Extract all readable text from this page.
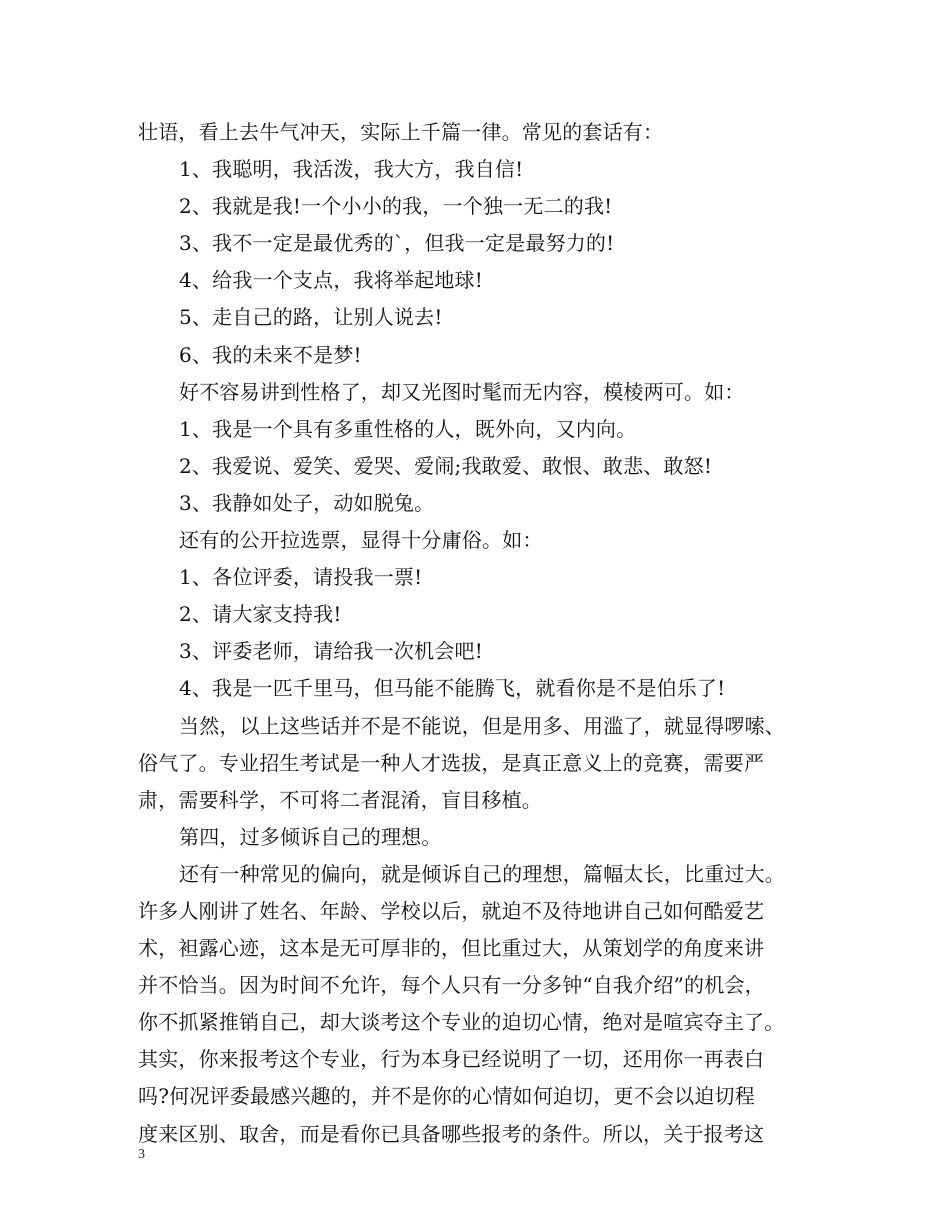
壮语，看上去牛气冲天，实际上千篇一律。常见的套话有：
1、我聪明，我活泼，我大方，我自信!
2、我就是我!一个小小的我，一个独一无二的我!
3、我不一定是最优秀的`，但我一定是最努力的!
4、给我一个支点，我将举起地球!
5、走自己的路，让别人说去!
6、我的未来不是梦!
好不容易讲到性格了，却又光图时髦而无内容，模棱两可。如：
1、我是一个具有多重性格的人，既外向，又内向。
2、我爱说、爱笑、爱哭、爱闹;我敢爱、敢恨、敢悲、敢怒!
3、我静如处子，动如脱兔。
还有的公开拉选票，显得十分庸俗。如：
1、各位评委，请投我一票!
2、请大家支持我!
3、评委老师，请给我一次机会吧!
4、我是一匹千里马，但马能不能腾飞，就看你是不是伯乐了!
当然，以上这些话并不是不能说，但是用多、用滥了，就显得啰嗦、
俗气了。专业招生考试是一种人才选拔，是真正意义上的竞赛，需要严
肃，需要科学，不可将二者混淆，盲目移植。
第四，过多倾诉自己的理想。
还有一种常见的偏向，就是倾诉自己的理想，篇幅太长，比重过大。
许多人刚讲了姓名、年龄、学校以后，就迫不及待地讲自己如何酷爱艺
术，袒露心迹，这本是无可厚非的，但比重过大，从策划学的角度来讲
并不恰当。因为时间不允许，每个人只有一分多钟“自我介绍”的机会，
你不抓紧推销自己，却大谈考这个专业的迫切心情，绝对是喧宾夺主了。
其实，你来报考这个专业，行为本身已经说明了一切，还用你一再表白
吗?何况评委最感兴趣的，并不是你的心情如何迫切，更不会以迫切程
度来区别、取舍，而是看你已具备哪些报考的条件。所以，关于报考这
3
